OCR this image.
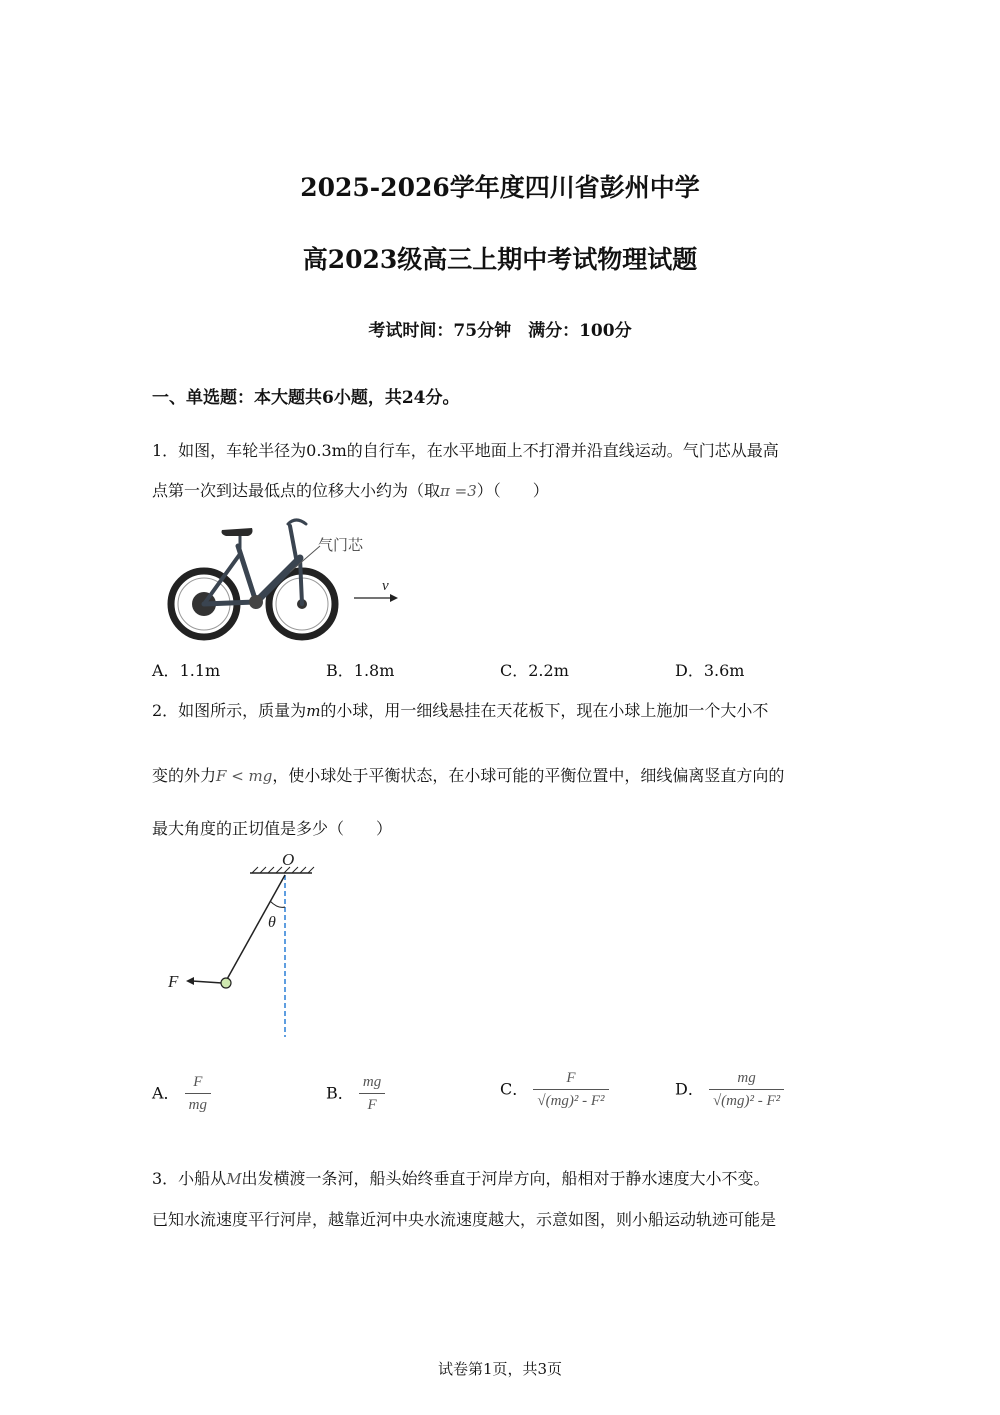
2025-2026学年度四川省彭州中学
高2023级高三上期中考试物理试题
考试时间：75分钟　满分：100分
一、单选题：本大题共6小题，共24分。
1．如图，车轮半径为0.3m的自行车，在水平地面上不打滑并沿直线运动。气门芯从最高
点第一次到达最低点的位移大小约为（取π =3）（　　）
气门芯
v
A．1.1m	B．1.8m	C．2.2m	D．3.6m
2．如图所示，质量为m的小球，用一细线悬挂在天花板下，现在小球上施加一个大小不
变的外力F < mg，使小球处于平衡状态，在小球可能的平衡位置中，细线偏离竖直方向的
最大角度的正切值是多少（　　）
O
θ
F
A． $\frac{F}{mg}$	B． $\frac{mg}{F}$	C． $\frac{F}{\text{√(mg)² - F²}}$	D． $\frac{mg}{\text{√(mg)² - F²}}$
3．小船从M出发横渡一条河，船头始终垂直于河岸方向，船相对于静水速度大小不变。
已知水流速度平行河岸，越靠近河中央水流速度越大，示意如图，则小船运动轨迹可能是
试卷第1页，共3页
